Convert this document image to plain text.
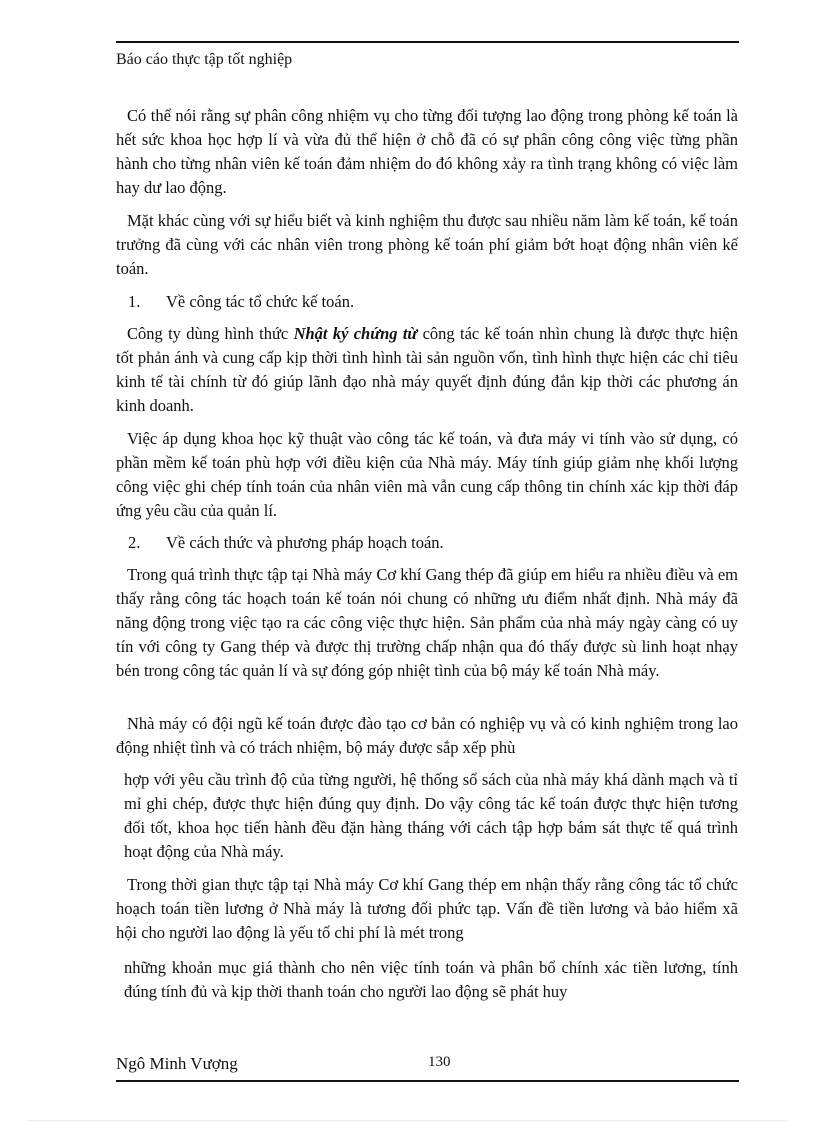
Báo cáo thực tập tốt nghiệp

Có thể nói rằng sự phân công nhiệm vụ cho từng đối tượng lao động trong phòng kế toán là hết sức khoa học hợp lí và vừa đủ thể hiện ở chỗ đã có sự phân công công việc từng phần hành cho từng nhân viên kế toán đảm nhiệm do đó không xảy ra tình trạng không có việc làm hay dư lao động.

Mặt khác cùng với sự hiểu biết và kinh nghiệm thu được sau nhiều năm làm kế toán, kế toán trưởng đã cùng với các nhân viên trong phòng kế toán phí giảm bớt hoạt động nhân viên kế toán.

1. Về công tác tổ chức kế toán.

Công ty dùng hình thức Nhật ký chứng từ công tác kế toán nhìn chung là được thực hiện tốt phản ánh và cung cấp kịp thời tình hình tài sản nguồn vốn, tình hình thực hiện các chỉ tiêu kinh tế tài chính từ đó giúp lãnh đạo nhà máy quyết định đúng đắn kịp thời các phương án kinh doanh.

Việc áp dụng khoa học kỹ thuật vào công tác kế toán, và đưa máy vi tính vào sử dụng, có phần mềm kế toán phù hợp với điều kiện của Nhà máy. Máy tính giúp giảm nhẹ khối lượng công việc ghi chép tính toán của nhân viên mà vẫn cung cấp thông tin chính xác kịp thời đáp ứng yêu cầu của quản lí.

2. Về cách thức và phương pháp hoạch toán.

Trong quá trình thực tập tại Nhà máy Cơ khí Gang thép đã giúp em hiểu ra nhiều điều và em thấy rằng công tác hoạch toán kế toán nói chung có những ưu điểm nhất định. Nhà máy đã năng động trong việc tạo ra các công việc thực hiện. Sản phẩm của nhà máy ngày càng có uy tín với công ty Gang thép và được thị trường chấp nhận qua đó thấy được sù linh hoạt nhạy bén trong công tác quản lí và sự đóng góp nhiệt tình của bộ máy kế toán Nhà máy.

Nhà máy có đội ngũ kế toán được đào tạo cơ bản có nghiệp vụ và có kinh nghiệm trong lao động nhiệt tình và có trách nhiệm, bộ máy được sắp xếp phù

hợp với yêu cầu trình độ của từng người, hệ thống sổ sách của nhà máy khá dành mạch và tỉ mỉ ghi chép, được thực hiện đúng quy định. Do vậy công tác kế toán được thực hiện tương đối tốt, khoa học tiến hành đều đặn hàng tháng với cách tập hợp bám sát thực tế quá trình hoạt động của Nhà máy.

Trong thời gian thực tập tại Nhà máy Cơ khí Gang thép em nhận thấy rằng công tác tổ chức hoạch toán tiền lương ở Nhà máy là tương đối phức tạp. Vấn đề tiền lương và bảo hiểm xã hội cho người lao động là yếu tố chi phí là mét trong

những khoản mục giá thành cho nên việc tính toán và phân bổ chính xác tiền lương, tính đúng tính đủ và kịp thời thanh toán cho người lao động sẽ phát huy

Ngô Minh Vượng	130
